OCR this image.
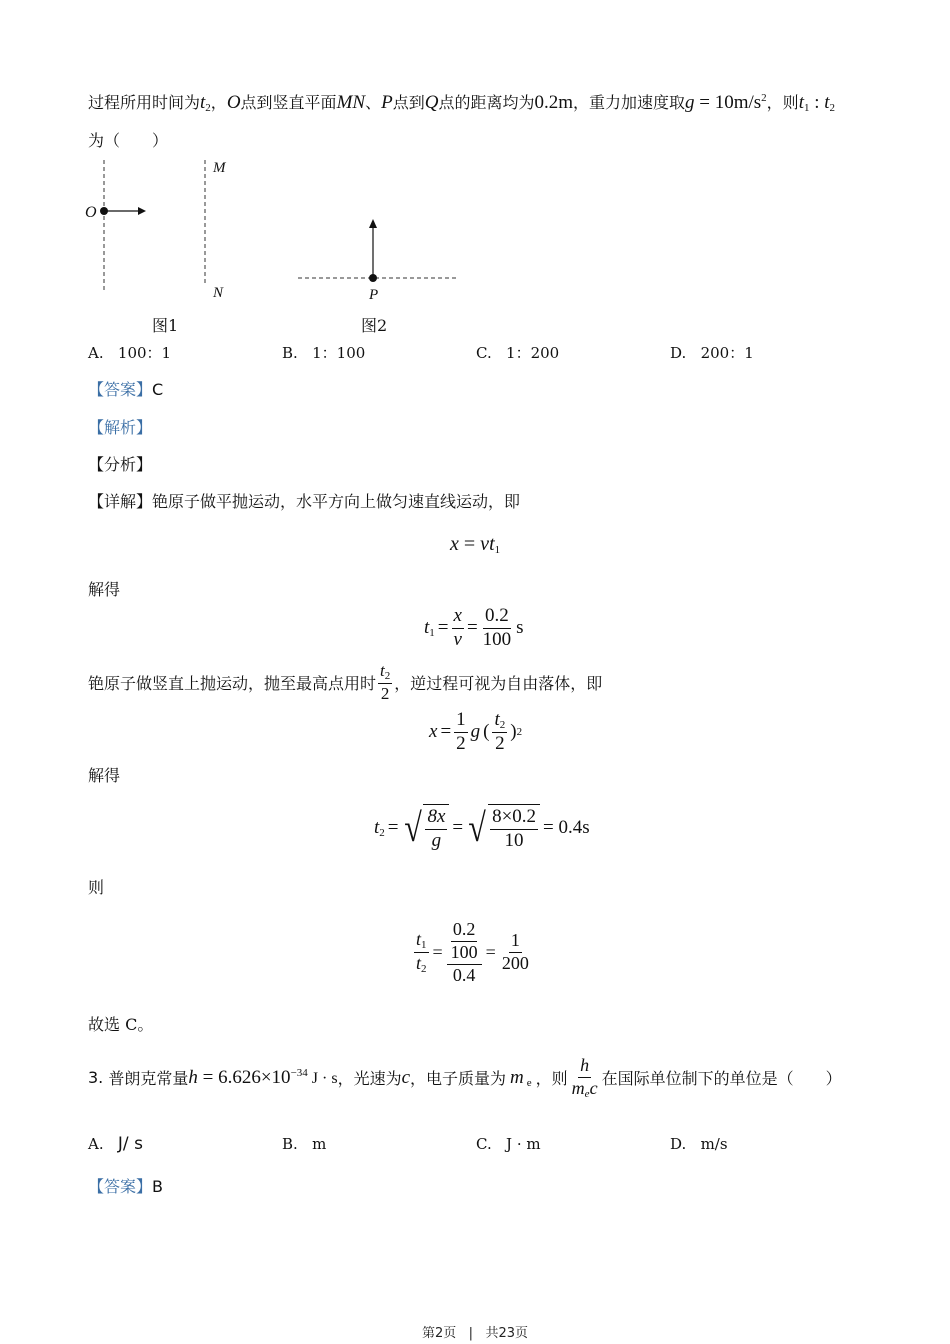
过程所用时间为$t_2$，O点到竖直平面MN、P点到Q点的距离均为0.2m，重力加速度取$g = 10m/s^2$，则$t_1$ : $t_2$
为（　　）
O
M
N	P
图1	图2
A. 100：1	B. 1：100	C. 1：200	D. 200：1
【答案】C
【解析】
【分析】
【详解】铯原子做平抛运动，水平方向上做匀速直线运动，即
$x = vt_1$
解得
$t_1 = \frac{x}{v} = \frac{0.2}{100}$ s
铯原子做竖直上抛运动，抛至最高点用时 $\frac{t_2}{2}$ ，逆过程可视为自由落体，即
$x = \frac{1}{2}$ g ( $\frac{t_2}{2}$ ) 2
解得
$t_2$ = √ $\frac{8x}{g}$ = √ $\frac{8\times 0.2}{10} = 0.4s$
则
$\frac{t_1}{t_2} = \frac{\frac{0.2}{100}}{0.4} = \frac{1}{200}$
故选 C。
3.
普朗克常量 $h = 6.626\times 10^{-34}$ J · s ，光速为 c ，电子质量为 m $_e$ ，则 $\frac{h}{m_ec}$ 在国际单位制下的单位是（　　）
A. J/ s	B. m	C. J · m	D. m/s
【答案】B
第2页 | 共23页
